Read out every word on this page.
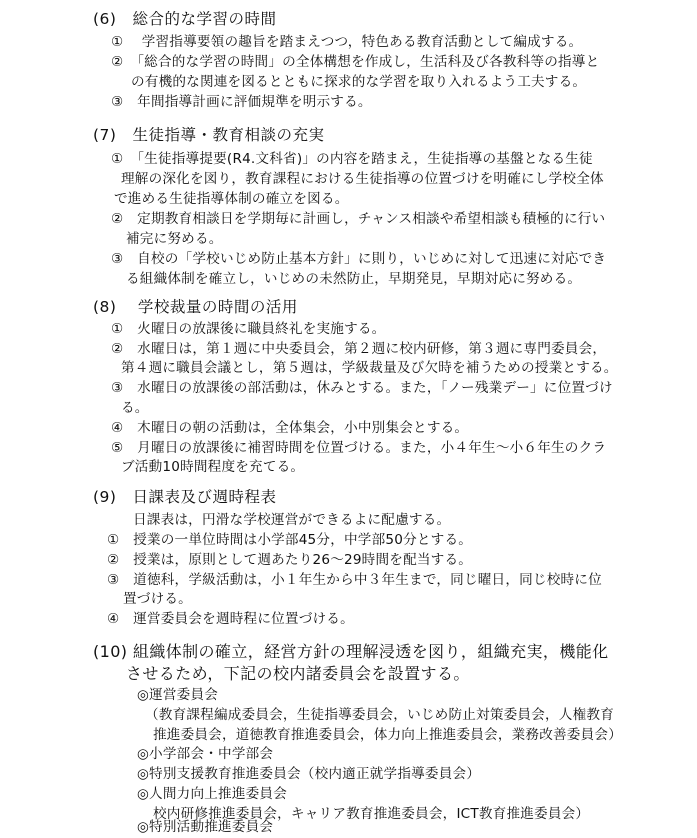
(6)　総合的な学習の時間
①　 学習指導要領の趣旨を踏まえつつ，特色ある教育活動として編成する。
②　「総合的な学習の時間」の全体構想を作成し，生活科及び各教科等の指導と
の有機的な関連を図るとともに探求的な学習を取り入れるよう工夫する。
③　年間指導計画に評価規準を明示する。
(7)　生徒指導・教育相談の充実
①　「生徒指導提要(R4.文科省)」の内容を踏まえ，生徒指導の基盤となる生徒
理解の深化を図り，教育課程における生徒指導の位置づけを明確にし学校全体
で進める生徒指導体制の確立を図る。
②　定期教育相談日を学期毎に計画し，チャンス相談や希望相談も積極的に行い
補完に努める。
③　自校の「学校いじめ防止基本方針」に則り，いじめに対して迅速に対応でき
る組織体制を確立し，いじめの未然防止，早期発見，早期対応に努める。
(8)　 学校裁量の時間の活用
①　火曜日の放課後に職員終礼を実施する。
②　水曜日は，第１週に中央委員会，第２週に校内研修，第３週に専門委員会，
第４週に職員会議とし，第５週は，学級裁量及び欠時を補うための授業とする。
③　水曜日の放課後の部活動は，休みとする。また，「ノー残業デー」に位置づけ
る。
④　木曜日の朝の活動は，全体集会，小中別集会とする。
⑤　月曜日の放課後に補習時間を位置づける。また，小４年生～小６年生のクラ
ブ活動10時間程度を充てる。
(9)　日課表及び週時程表
日課表は，円滑な学校運営ができるよに配慮する。
①　授業の一単位時間は小学部45分，中学部50分とする。
②　授業は，原則として週あたり26～29時間を配当する。
③　道徳科，学級活動は，小１年生から中３年生まで，同じ曜日，同じ校時に位
置づける。
④　運営委員会を週時程に位置づける。
(10) 組織体制の確立，経営方針の理解浸透を図り，組織充実，機能化
させるため，下記の校内諸委員会を設置する。
◎運営委員会
（教育課程編成委員会，生徒指導委員会，いじめ防止対策委員会，人権教育
推進委員会，道徳教育推進委員会，体力向上推進委員会，業務改善委員会）
◎小学部会・中学部会
◎特別支援教育推進委員会（校内適正就学指導委員会）
◎人間力向上推進委員会
校内研修推進委員会，キャリア教育推進委員会，ICT教育推進委員会）
◎特別活動推進委員会
